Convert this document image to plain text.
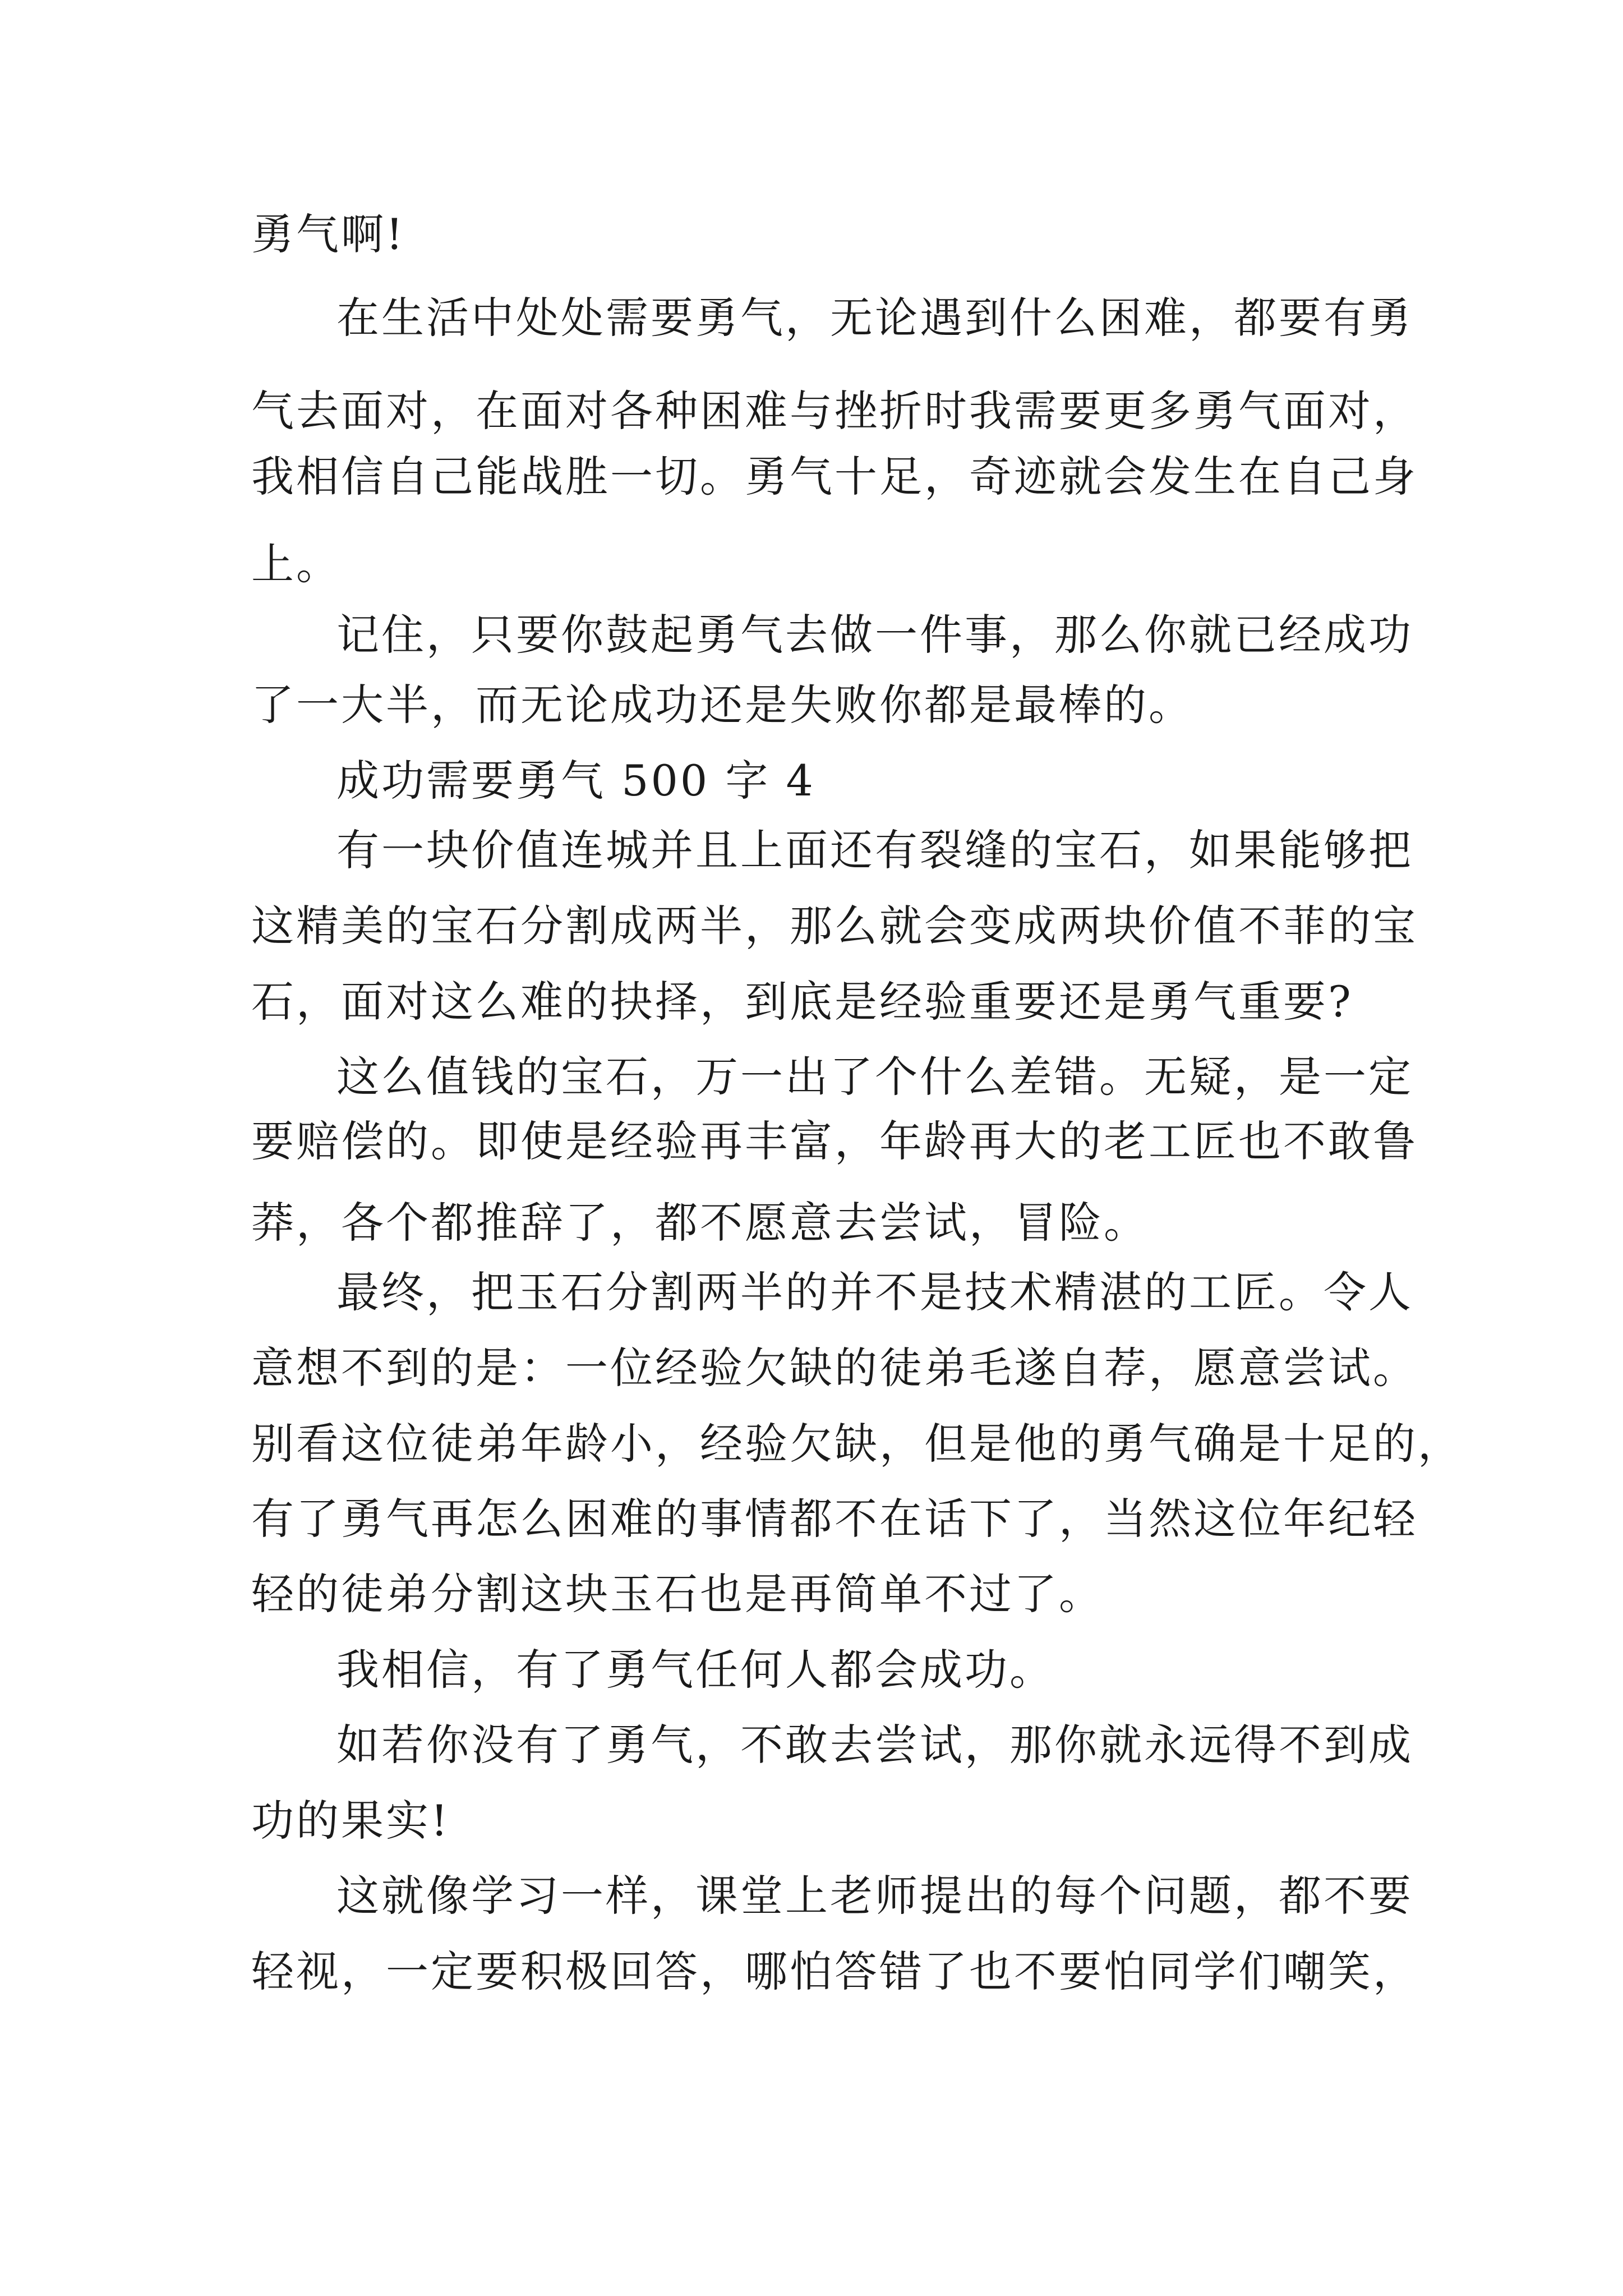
勇气啊!
在生活中处处需要勇气，无论遇到什么困难，都要有勇
气去面对，在面对各种困难与挫折时我需要更多勇气面对，
我相信自己能战胜一切。勇气十足，奇迹就会发生在自己身
上。
记住，只要你鼓起勇气去做一件事，那么你就已经成功
了一大半，而无论成功还是失败你都是最棒的。
成功需要勇气 500 字 4
有一块价值连城并且上面还有裂缝的宝石，如果能够把
这精美的宝石分割成两半，那么就会变成两块价值不菲的宝
石，面对这么难的抉择，到底是经验重要还是勇气重要?
这么值钱的宝石，万一出了个什么差错。无疑，是一定
要赔偿的。即使是经验再丰富，年龄再大的老工匠也不敢鲁
莽，各个都推辞了，都不愿意去尝试，冒险。
最终，把玉石分割两半的并不是技术精湛的工匠。令人
意想不到的是：一位经验欠缺的徒弟毛遂自荐，愿意尝试。
别看这位徒弟年龄小，经验欠缺，但是他的勇气确是十足的，
有了勇气再怎么困难的事情都不在话下了，当然这位年纪轻
轻的徒弟分割这块玉石也是再简单不过了。
我相信，有了勇气任何人都会成功。
如若你没有了勇气，不敢去尝试，那你就永远得不到成
功的果实!
这就像学习一样，课堂上老师提出的每个问题，都不要
轻视，一定要积极回答，哪怕答错了也不要怕同学们嘲笑，
